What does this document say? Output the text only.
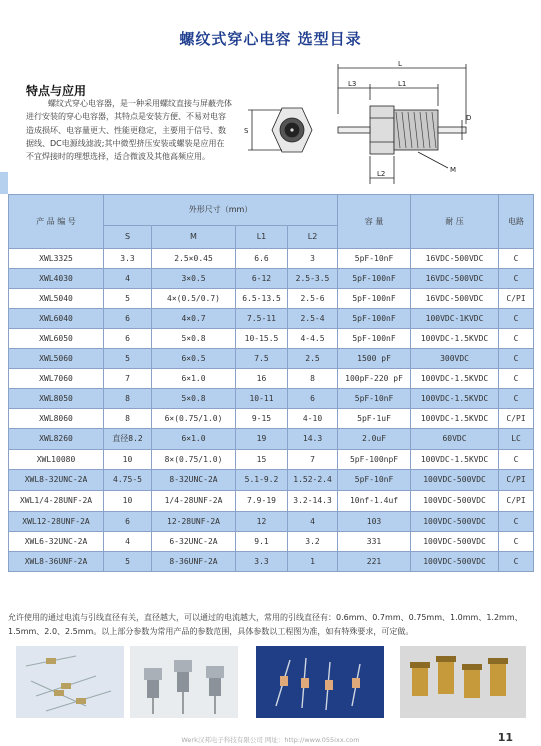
螺纹式穿心电容 选型目录
特点与应用
螺纹式穿心电容器，是一种采用螺纹直接与屏蔽壳体进行安装的穿心电容器，其特点是安装方便、不易对电容造成损坏、电容量更大、性能更稳定，主要用于信号、数据线、DC电源线滤波;其中微型挤压安装或螺装是应用在不宜焊接时的理想选择，适合微波及其他高频应用。
L
L3	L1
S
D
L2	M
产 品 编 号	外形尺寸（mm）				容 量	耐 压	电路
	S	M	L1	L2			
XWL3325	3.3	2.5×0.45	6.6	3	5pF-10nF	16VDC-500VDC	C
XWL4030	4	3×0.5	6-12	2.5-3.5	5pF-100nF	16VDC-500VDC	C
XWL5040	5	4×(0.5/0.7)	6.5-13.5	2.5-6	5pF-100nF	16VDC-500VDC	C/PI
XWL6040	6	4×0.7	7.5-11	2.5-4	5pF-100nF	100VDC-1KVDC	C
XWL6050	6	5×0.8	10-15.5	4-4.5	5pF-100nF	100VDC-1.5KVDC	C
XWL5060	5	6×0.5	7.5	2.5	1500 pF	300VDC	C
XWL7060	7	6×1.0	16	8	100pF-220 pF	100VDC-1.5KVDC	C
XWL8050	8	5×0.8	10-11	6	5pF-10nF	100VDC-1.5KVDC	C
XWL8060	8	6×(0.75/1.0)	9-15	4-10	5pF-1uF	100VDC-1.5KVDC	C/PI
XWL8260	直径8.2	6×1.0	19	14.3	2.0uF	60VDC	LC
XWL10080	10	8×(0.75/1.0)	15	7	5pF-100npF	100VDC-1.5KVDC	C
XWL8-32UNC-2A	4.75-5	8-32UNC-2A	5.1-9.2	1.52-2.4	5pF-10nF	100VDC-500VDC	C/PI
XWL1/4-28UNF-2A	10	1/4-28UNF-2A	7.9-19	3.2-14.3	10nf-1.4uf	100VDC-500VDC	C/PI
XWL12-28UNF-2A	6	12-28UNF-2A	12	4	103	100VDC-500VDC	C
XWL6-32UNC-2A	4	6-32UNC-2A	9.1	3.2	331	100VDC-500VDC	C
XWL8-36UNF-2A	5	8-36UNF-2A	3.3	1	221	100VDC-500VDC	C
允许使用的通过电流与引线直径有关，直径越大，可以通过的电流越大，常用的引线直径有：0.6mm、0.7mm、0.75mm、1.0mm、1.2mm、1.5mm、2.0、2.5mm。以上部分参数为常用产品的参数范围，具体参数以工程图为准，如有特殊要求，可定做。
Werk汉邦电子科技有限公司 网址：http://www.055ixx.com	11
